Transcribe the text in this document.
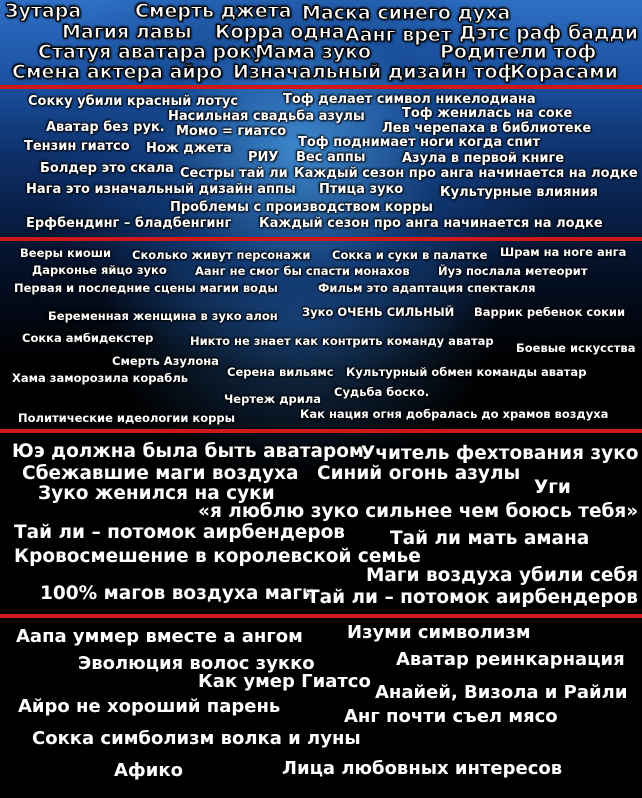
Зутара	Смерть джета Маска синего духа
Магия лавы Корра одна Аанг врет Дэтс раф бадди
Статуя аватара року
Мама зуко	Родители тоф
Смена актера айро Изначальный дизайн тоф
Корасами
Сокку убили красный лотус	Тоф делает символ никелодиана
Насильная свадьба азулы	Тоф женилась на соке
Аватар без рук. Момо = гиатсо	Лев черепаха в библиотеке
Тензин гиатсо Нож джета	Тоф поднимает ноги когда спит
РИУ Вес аппы	Азула в первой книге
Болдер это скала Сестры тай ли Каждый сезон про анга начинается на лодке
Нага это изначальный дизайн аппы Птица зуко	Культурные влияния
Проблемы с производством корры
Ерфбендинг – бладбенгинг Каждый сезон про анга начинается на лодке
Вееры киоши Сколько живут персонажи Сокка и суки в палатке Шрам на ноге анга
Дарконье яйцо зуко Аанг не смог бы спасти монахов Йуэ послала метеорит
Первая и последние сцены магии воды	Фильм это адаптация спектакля
Беременная женщина в зуко алон Зуко ОЧЕНЬ СИЛЬНЫЙ Варрик ребенок сокии
Сокка амбидекстер	Никто не знает как контрить команду аватар Боевые искусства
Смерть Азулона
Хама заморозила корабль	Серена вильямс Культурный обмен команды аватар
Судьба боско.
Чертеж дрила
Политические идеологии корры	Как нация огня добралась до храмов воздуха
Юэ должна была быть аватаром
Учитель фехтования зуко
Сбежавшие маги воздуха Синий огонь азулы
Уги
Зуко женился на суки
«я люблю зуко сильнее чем боюсь тебя»
Тай ли – потомок аирбендеров Тай ли мать амана
Кровосмешение в королевской семье
Маги воздуха убили себя
100% магов воздуха маги
Тай ли – потомок аирбендеров
Аапа уммер вместе а ангом Изуми символизм
Эволюция волос зукко	Аватар реинкарнация
Как умер Гиатсо
Анайей, Визола и Райли
Айро не хороший парень	Анг почти съел мясо
Сокка симболизм волка и луны
Афико	Лица любовных интересов
